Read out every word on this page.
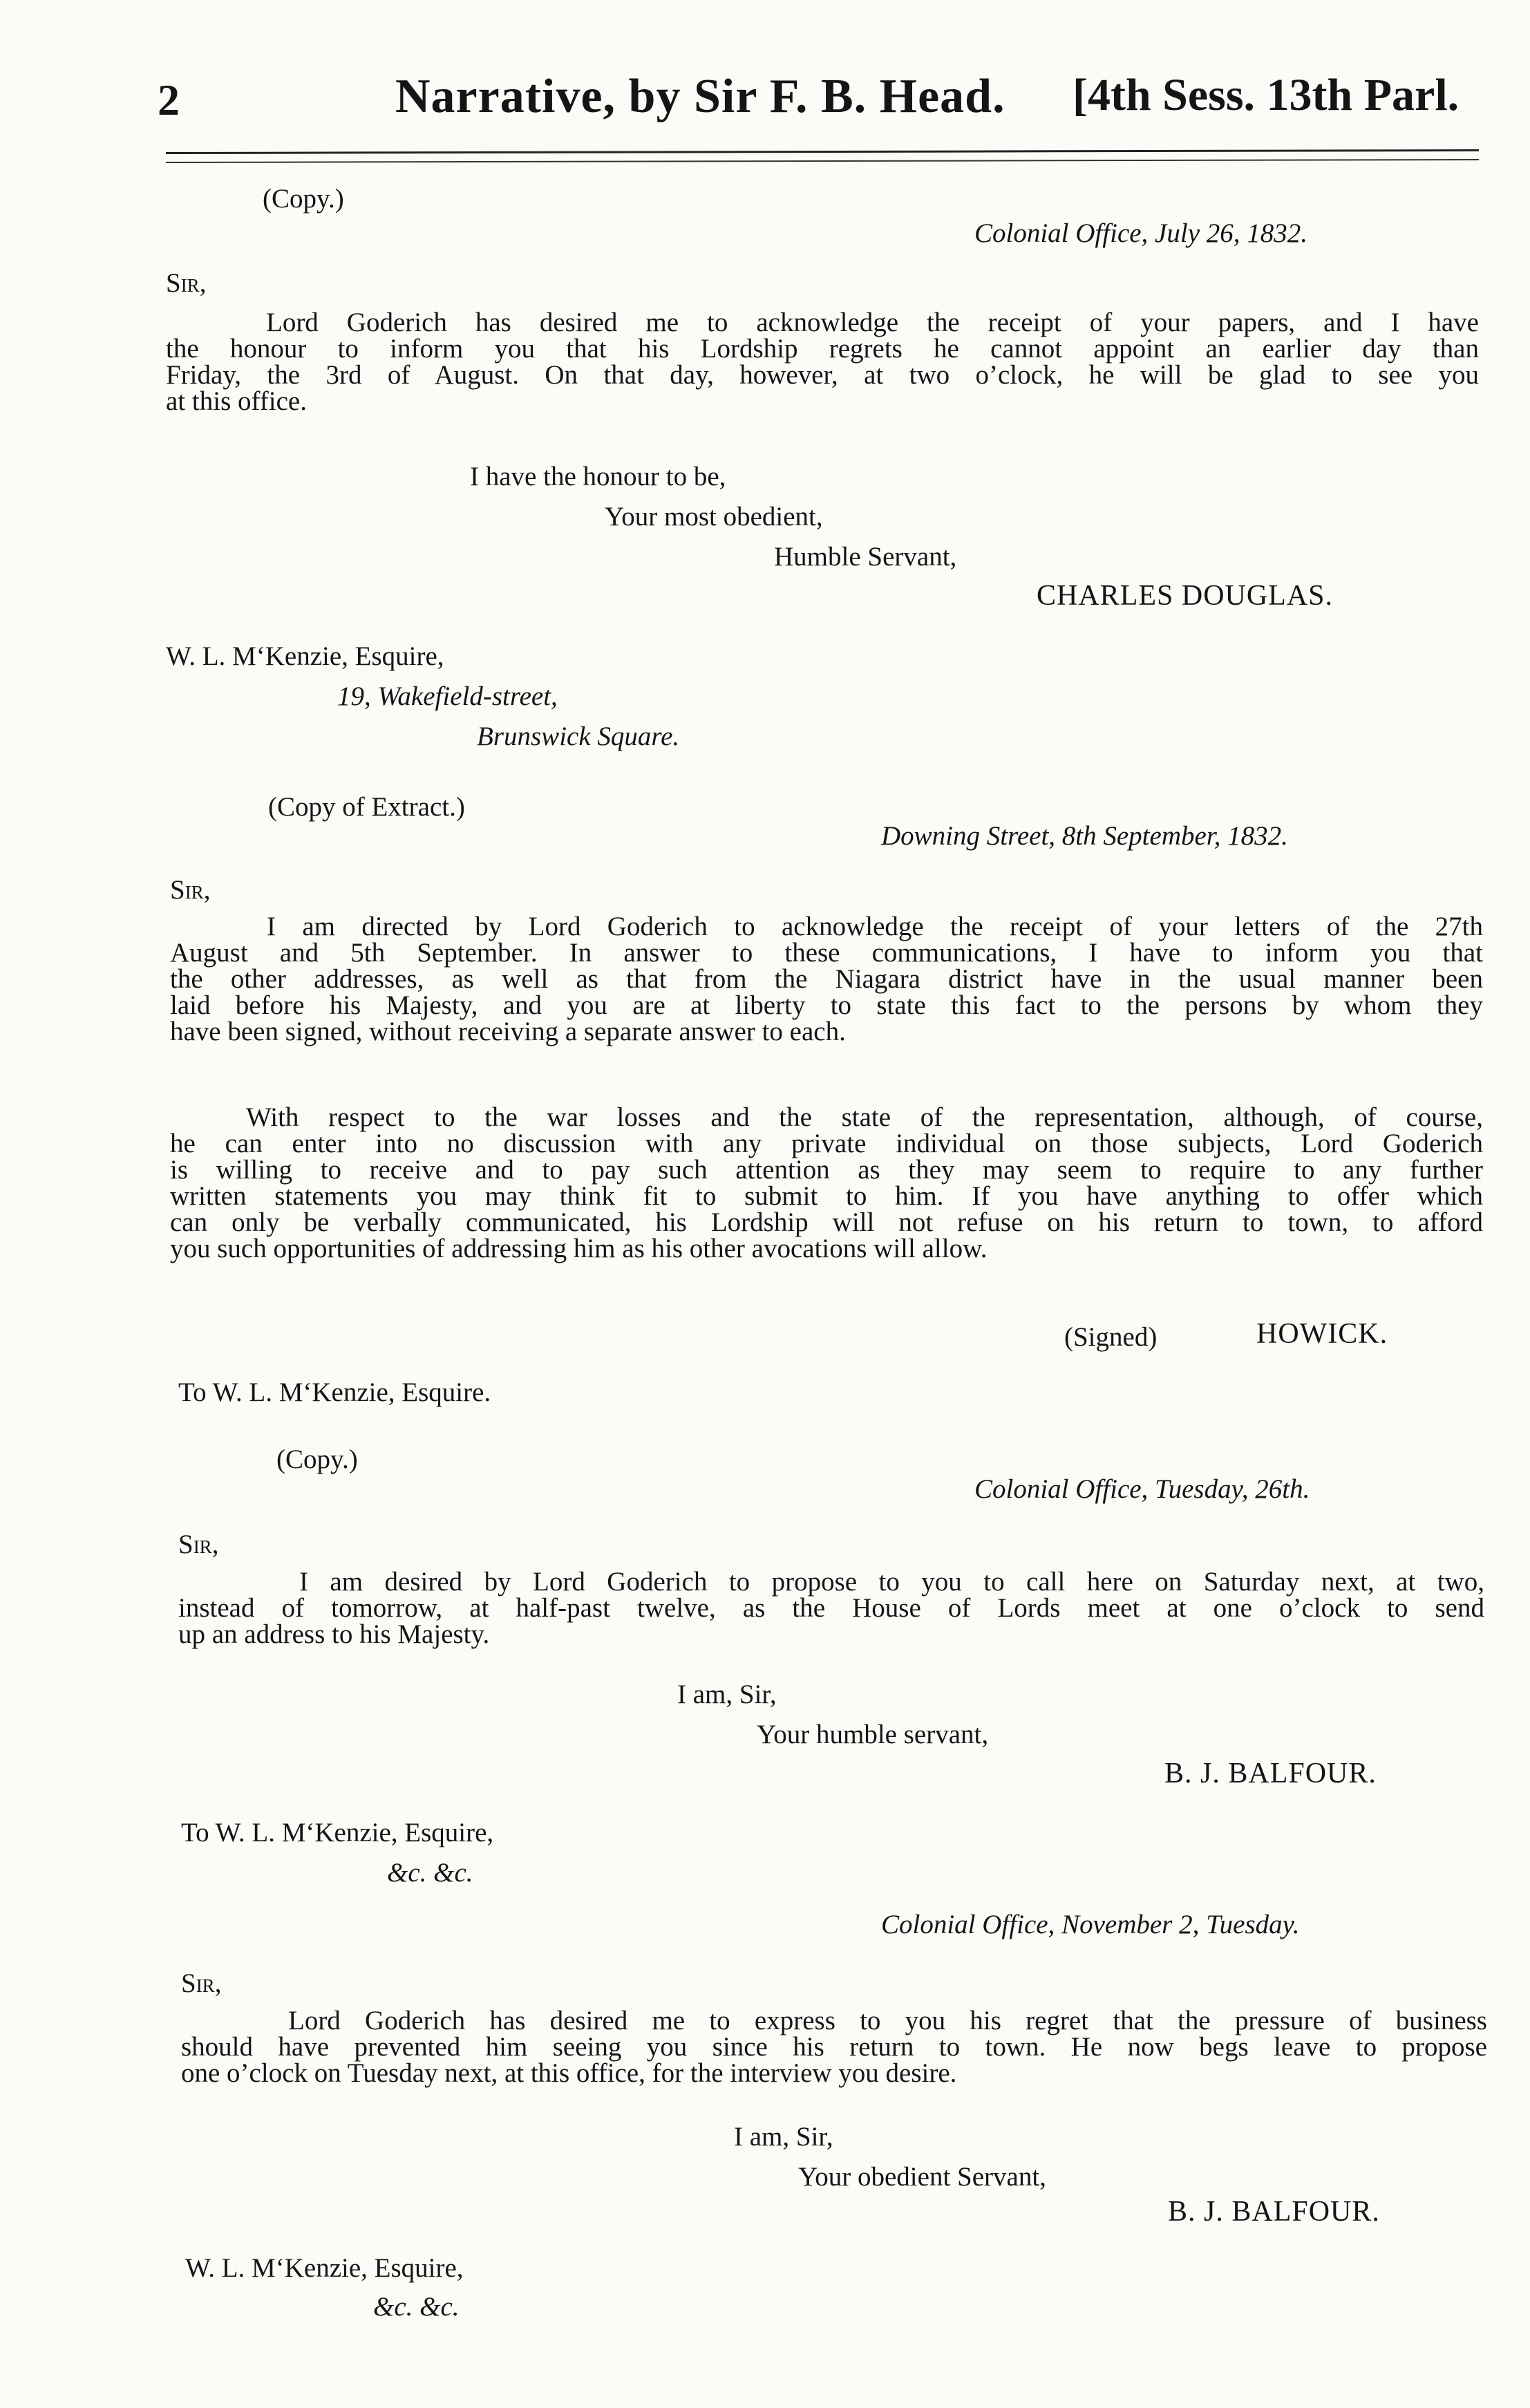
2	Narrative, by Sir F. B. Head. [4th Sess. 13th Parl.
(Copy.)
Colonial Office, July 26, 1832.
Sir,
Lord Goderich has desired me to acknowledge the receipt of your papers, and I have
the honour to inform you that his Lordship regrets he cannot appoint an earlier day than
Friday, the 3rd of August. On that day, however, at two o’clock, he will be glad to see you
at this office.
I have the honour to be,
Your most obedient,
Humble Servant,
CHARLES DOUGLAS.
W. L. M‘Kenzie, Esquire,
19, Wakefield-street,
Brunswick Square.
(Copy of Extract.)
Downing Street, 8th September, 1832.
Sir,
I am directed by Lord Goderich to acknowledge the receipt of your letters of the 27th
August and 5th September. In answer to these communications, I have to inform you that
the other addresses, as well as that from the Niagara district have in the usual manner been
laid before his Majesty, and you are at liberty to state this fact to the persons by whom they
have been signed, without receiving a separate answer to each.
With respect to the war losses and the state of the representation, although, of course,
he can enter into no discussion with any private individual on those subjects, Lord Goderich
is willing to receive and to pay such attention as they may seem to require to any further
written statements you may think fit to submit to him. If you have anything to offer which
can only be verbally communicated, his Lordship will not refuse on his return to town, to afford
you such opportunities of addressing him as his other avocations will allow.
(Signed)	HOWICK.
To W. L. M‘Kenzie, Esquire.
(Copy.)
Colonial Office, Tuesday, 26th.
Sir,
I am desired by Lord Goderich to propose to you to call here on Saturday next, at two,
instead of tomorrow, at half-past twelve, as the House of Lords meet at one o’clock to send
up an address to his Majesty.
I am, Sir,
Your humble servant,
B. J. BALFOUR.
To W. L. M‘Kenzie, Esquire,
&c. &c.
Colonial Office, November 2, Tuesday.
Sir,
Lord Goderich has desired me to express to you his regret that the pressure of business
should have prevented him seeing you since his return to town. He now begs leave to propose
one o’clock on Tuesday next, at this office, for the interview you desire.
I am, Sir,
Your obedient Servant,
B. J. BALFOUR.
W. L. M‘Kenzie, Esquire,
&c. &c.
